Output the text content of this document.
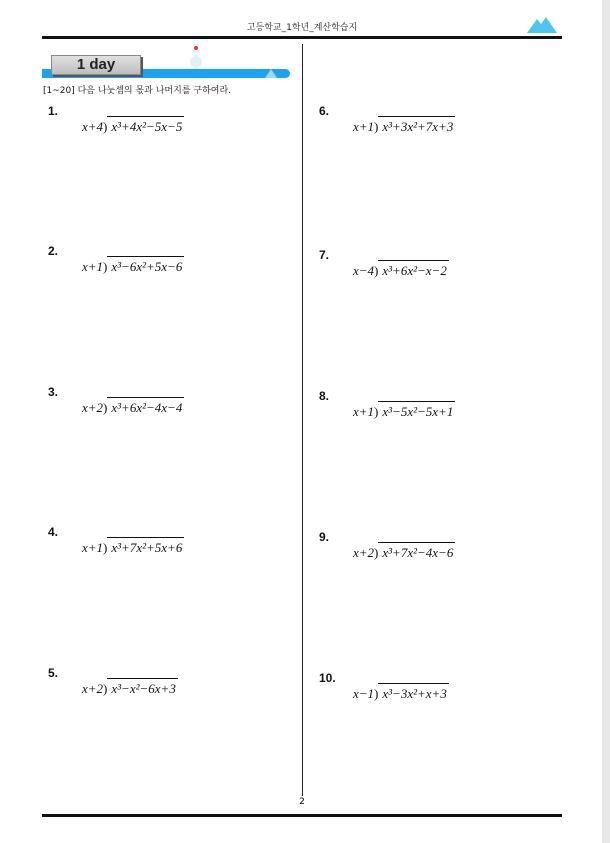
고등학교_1학년_계산학습지
1 day
[1~20] 다음 나눗셈의 몫과 나머지를 구하여라.
1.
x+4) x³+4x²−5x−5
2.
x+1) x³−6x²+5x−6
3.
x+2) x³+6x²−4x−4
4.
x+1) x³+7x²+5x+6
5.
x+2) x³−x²−6x+3
6.
x+1) x³+3x²+7x+3
7.
x−4) x³+6x²−x−2
8.
x+1) x³−5x²−5x+1
9.
x+2) x³+7x²−4x−6
10.
x−1) x³−3x²+x+3
2
